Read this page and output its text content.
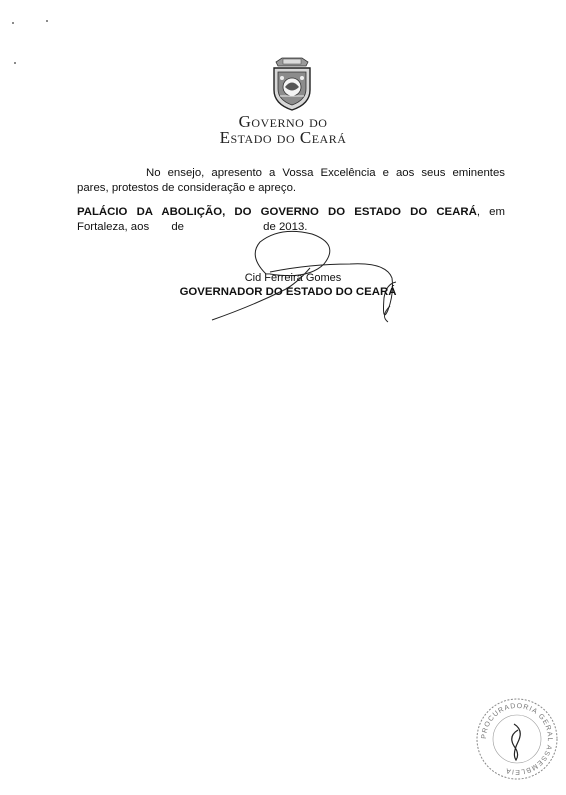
GOVERNO DO
ESTADO DO CEARÁ
No ensejo, apresento a Vossa Excelência e aos seus eminentes
pares, protestos de consideração e apreço.
PALÁCIO DA ABOLIÇÃO, DO GOVERNO DO ESTADO DO CEARÁ, em
Fortaleza, aos       de                         de 2013.
Cid Ferreira Gomes
GOVERNADOR DO ESTADO DO CEARÁ
PROCURADORIA GERAL ASSEMBLEIA
